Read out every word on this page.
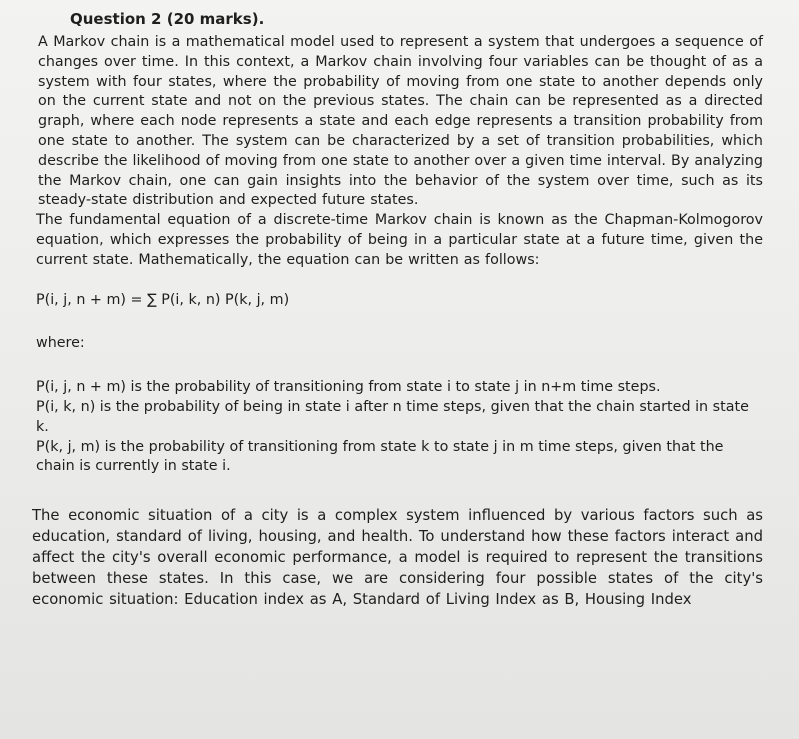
Question 2 (20 marks).

A Markov chain is a mathematical model used to represent a system that undergoes a sequence of changes over time. In this context, a Markov chain involving four variables can be thought of as a system with four states, where the probability of moving from one state to another depends only on the current state and not on the previous states. The chain can be represented as a directed graph, where each node represents a state and each edge represents a transition probability from one state to another. The system can be characterized by a set of transition probabilities, which describe the likelihood of moving from one state to another over a given time interval. By analyzing the Markov chain, one can gain insights into the behavior of the system over time, such as its steady-state distribution and expected future states.

The fundamental equation of a discrete-time Markov chain is known as the Chapman-Kolmogorov equation, which expresses the probability of being in a particular state at a future time, given the current state. Mathematically, the equation can be written as follows:

P(i, j, n + m) = ∑ P(i, k, n) P(k, j, m)
where:
P(i, j, n + m) is the probability of transitioning from state i to state j in n+m time steps.
P(i, k, n) is the probability of being in state i after n time steps, given that the chain started in state k.
P(k, j, m) is the probability of transitioning from state k to state j in m time steps, given that the chain is currently in state i.

The economic situation of a city is a complex system influenced by various factors such as education, standard of living, housing, and health. To understand how these factors interact and affect the city's overall economic performance, a model is required to represent the transitions between these states. In this case, we are considering four possible states of the city's economic situation: Education index as A, Standard of Living Index as B, Housing Index
